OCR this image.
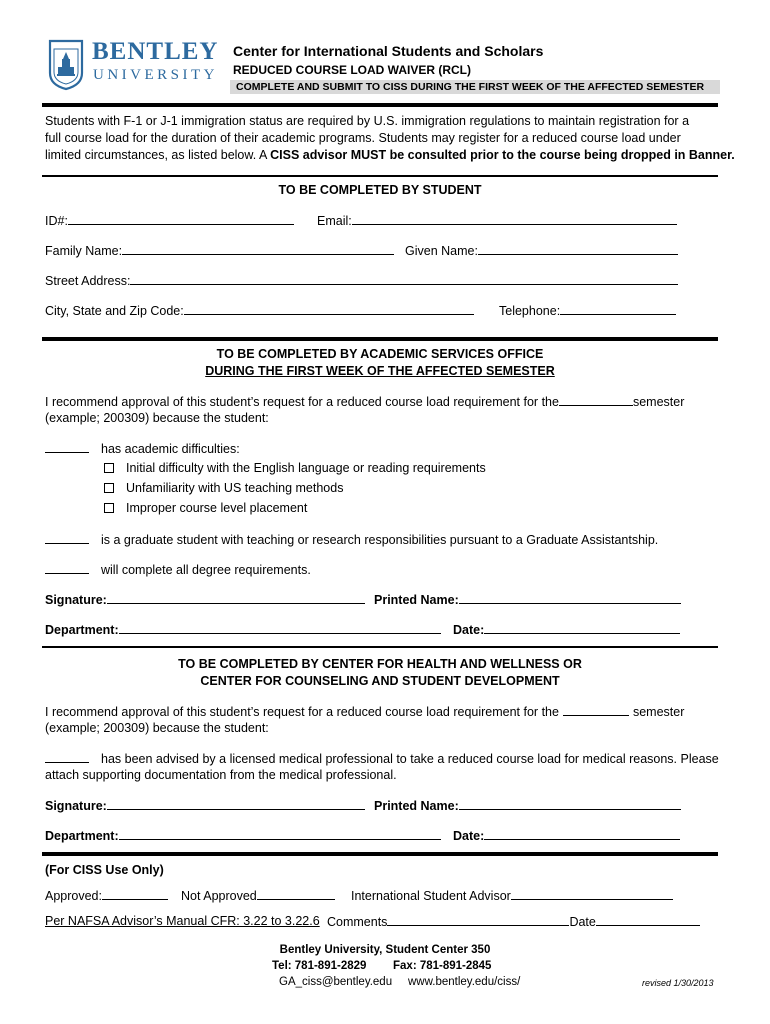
BENTLEY
UNIVERSITY
Center for International Students and Scholars
REDUCED COURSE LOAD WAIVER (RCL)
COMPLETE AND SUBMIT TO CISS DURING THE FIRST WEEK OF THE AFFECTED SEMESTER
Students with F-1 or J-1 immigration status are required by U.S. immigration regulations to maintain registration for a
full course load for the duration of their academic programs. Students may register for a reduced course load under
limited circumstances, as listed below. A CISS advisor MUST be consulted prior to the course being dropped in Banner.
TO BE COMPLETED BY STUDENT
ID#:	Email:
Family Name:	Given Name:
Street Address:
City, State and Zip Code:	Telephone:
TO BE COMPLETED BY ACADEMIC SERVICES OFFICE
DURING THE FIRST WEEK OF THE AFFECTED SEMESTER
I recommend approval of this student’s request for a reduced course load requirement for the	semester
(example; 200309) because the student:
has academic difficulties:
Initial difficulty with the English language or reading requirements
Unfamiliarity with US teaching methods
Improper course level placement
is a graduate student with teaching or research responsibilities pursuant to a Graduate Assistantship.
will complete all degree requirements.
Signature:	Printed Name:
Department:	Date:
TO BE COMPLETED BY CENTER FOR HEALTH AND WELLNESS OR
CENTER FOR COUNSELING AND STUDENT DEVELOPMENT
I recommend approval of this student’s request for a reduced course load requirement for the	semester
(example; 200309) because the student:
has been advised by a licensed medical professional to take a reduced course load for medical reasons. Please
attach supporting documentation from the medical professional.
Signature:	Printed Name:
Department:	Date:
(For CISS Use Only)
Approved:	Not Approved	International Student Advisor
Per NAFSA Advisor’s Manual CFR: 3.22 to 3.22.6 Comments	Date
Bentley University, Student Center 350
Tel: 781-891-2829 Fax: 781-891-2845
GA_ciss@bentley.edu www.bentley.edu/ciss/	revised 1/30/2013
